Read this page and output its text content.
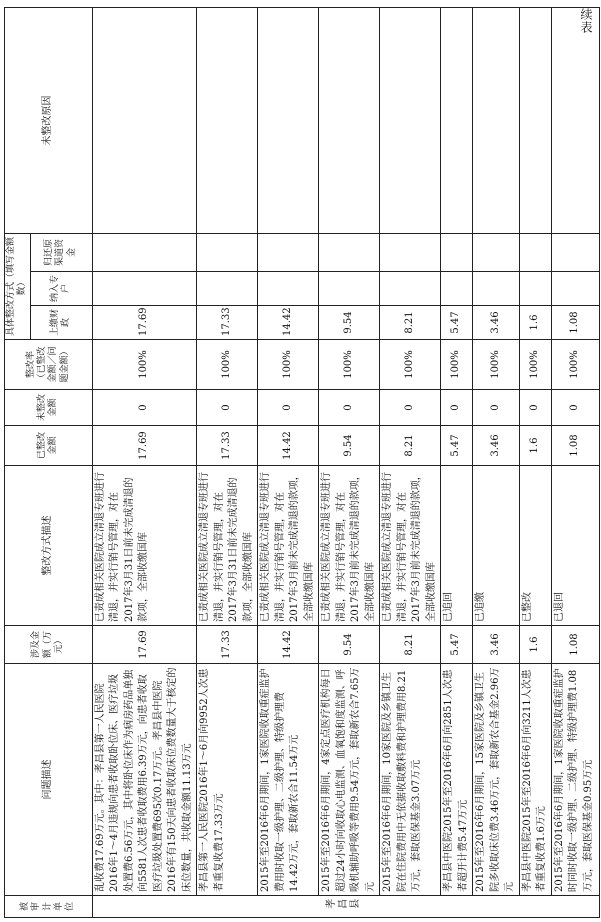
续表
被审计单位	问题描述	涉及金额（万元）	整改方式描述	已整改金额	未整改金额	整改率（已整改金额／问题金额）	具体整改方式（填写金额数）			未整改原因
							上缴财政	纳入专户	归还原渠道资金	
孝昌县	乱收费17.69万元。其中：孝昌县第一人民医院2016年1～4月违规向患者收取卧位床、医疗垃圾处置费6.56万元，其中将卧位床作为病房药品单独向5581人次患者收取费用6.39万元，向患者收取医疗垃圾处置费695次0.17万元。孝昌县中医院2016年有150天向患者收取床位费数量大于核定的床位数量，共收取金额11.13万元	17.69	已责成相关医院成立清退专班进行清退，并实行销号管理，对在2017年3月31日前未完成清退的款项，全部收缴国库	17.69	0	100%	17.69			
	孝昌县第一人民医院2016年1～6月向9952人次患者重复收费17.33万元	17.33	已责成相关医院成立清退专班进行清退，并实行销号管理，对在2017年3月31日前未完成清退的款项，全部收缴国库	17.33	0	100%	17.33			
	2015年至2016年6月期间，1家医院收取重症监护费用时收取一级护理、二级护理、特级护理费14.42万元，套取新农合11.54万元	14.42	已责成相关医院成立清退专班进行清退，并实行销号管理，对在2017年3月前未完成清退的款项，全部收缴国库	14.42	0	100%	14.42			
	2015年至2016年6月期间，4家定点医疗机构每日超过24小时向收取心电监测、血氧饱和度监测、呼吸机辅助呼吸等费用9.54万元，套取新农合7.65万元	9.54	已责成相关医院成立清退专班进行清退，并实行销号管理，对在2017年3月前未完成清退的款项，全部收缴国库	9.54	0	100%	9.54			
	2015年至2016年6月期间，10家医院及乡镇卫生院在住院费用中无依据收取敷料费和护理费用8.21万元，套取医保基金3.07万元	8.21	已责成相关医院成立清退专班进行清退，并实行销号管理，对在2017年3月前未完成清退的款项，全部收缴国库	8.21	0	100%	8.21			
	孝昌县中医院2015年至2016年6月向2851人次患者超开计费5.47万元	5.47	已追回	5.47	0	100%	5.47			
	2015年至2016年6月期间，15家医院及乡镇卫生院多收取床位费3.46万元，套取新农合基金2.96万元	3.46	已追缴	3.46	0	100%	3.46			
	孝昌县中医院2015年至2016年6月向3211人次患者重复收费1.6万元	1.6	已整改	1.6	0	100%	1.6			
	2015年至2016年6月期间，1家医院收取重症监护时同时收取一级护理、二级护理、特级护理费1.08万元，套取医保基金0.95万元	1.08	已退回	1.08	0	100%	1.08			
